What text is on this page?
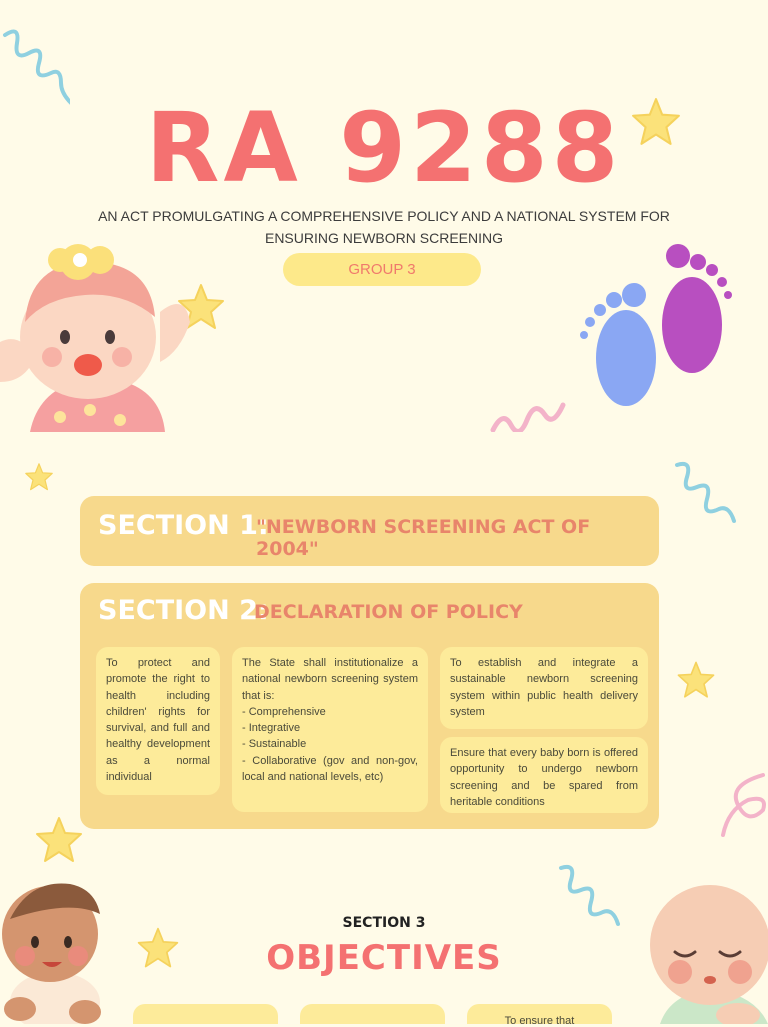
RA 9288
AN ACT PROMULGATING A COMPREHENSIVE POLICY AND A NATIONAL SYSTEM FOR
ENSURING NEWBORN SCREENING
GROUP 3
SECTION 1:
"NEWBORN SCREENING ACT OF 2004"
SECTION 2:
DECLARATION OF POLICY
To protect and promote the right to health including children' rights for survival, and full and healthy development as a normal individual
The State shall institutionalize a national newborn screening system that is:
- Comprehensive
- Integrative
- Sustainable
- Collaborative (gov and non-gov, local and national levels, etc)
To establish and integrate a sustainable newborn screening system within public health delivery system
Ensure that every baby born is offered opportunity to undergo newborn screening and be spared from heritable conditions
SECTION 3
OBJECTIVES
To ensure that
